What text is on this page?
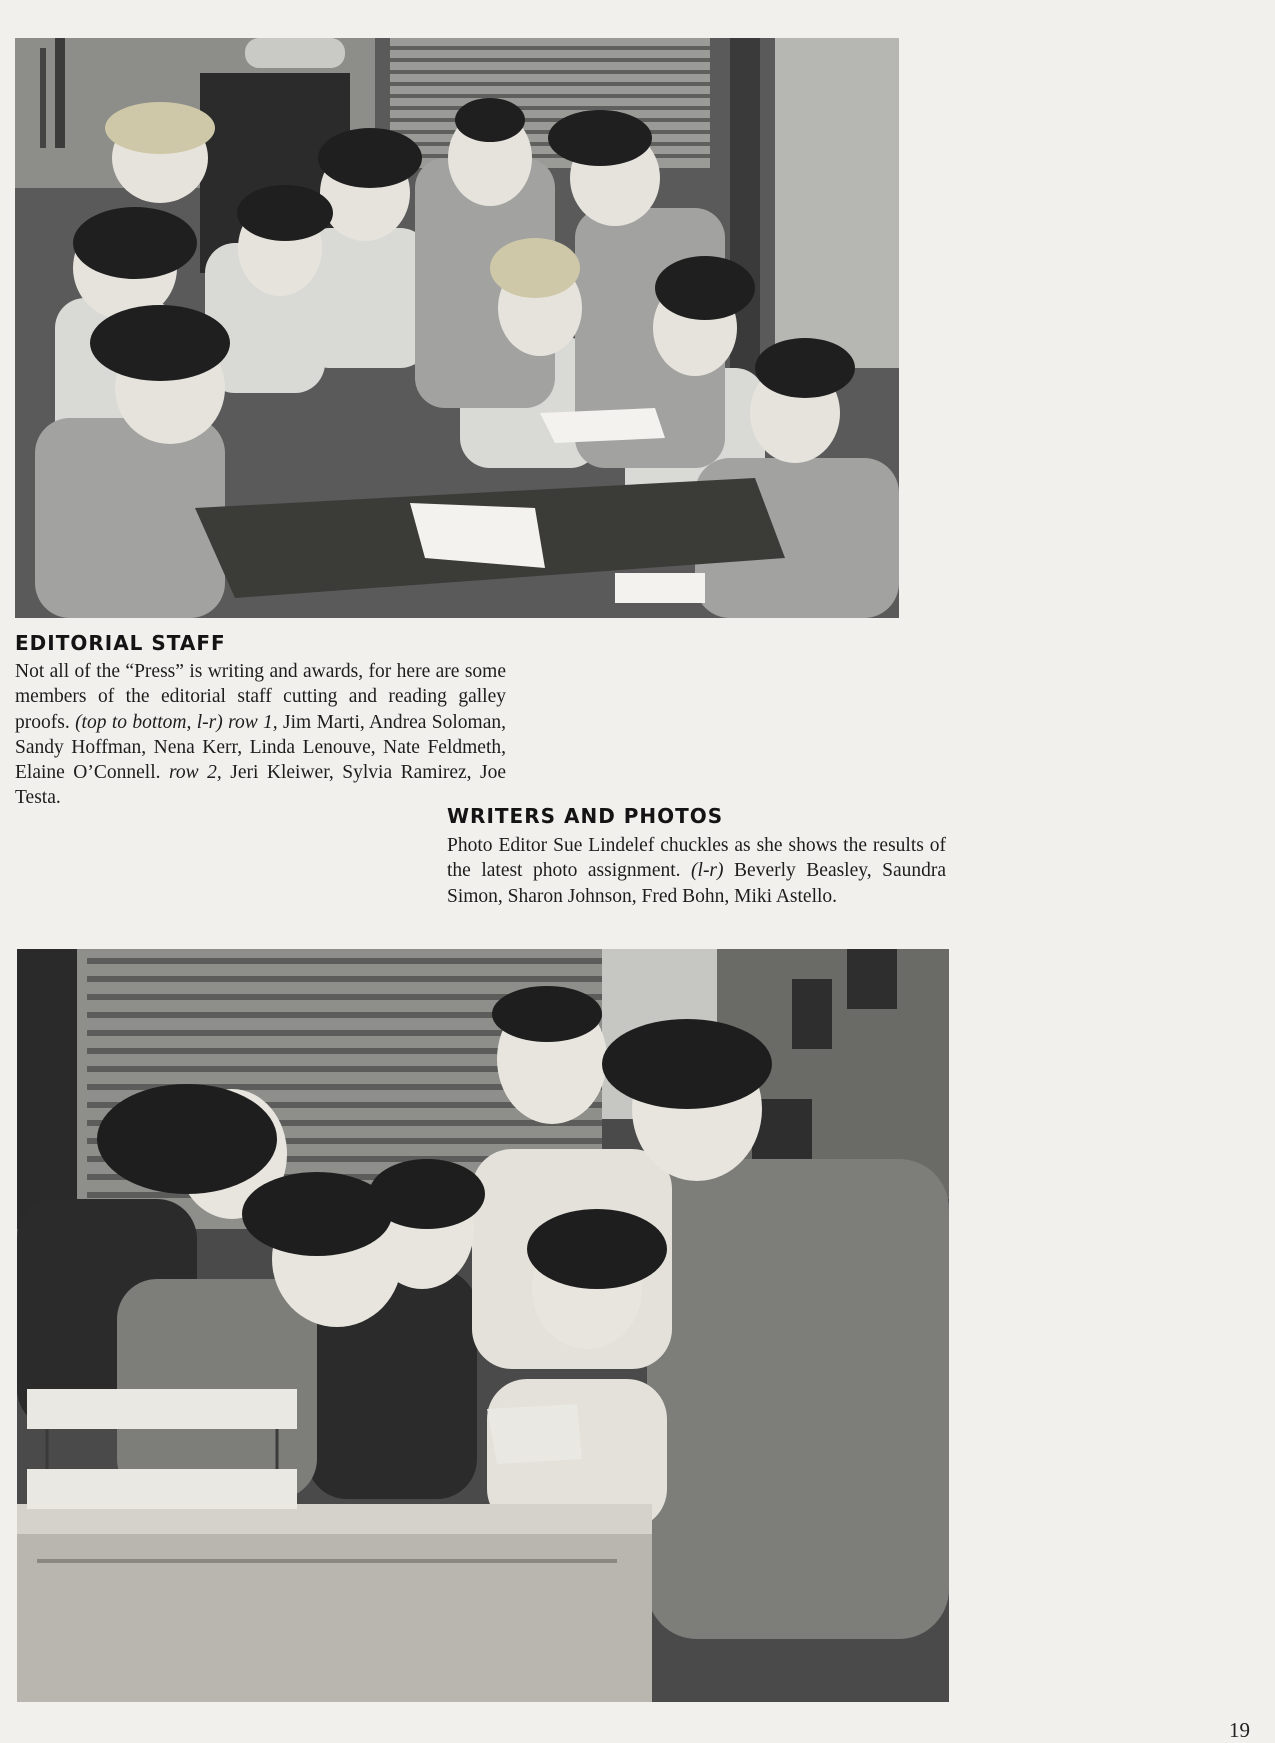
EDITORIAL STAFF

Not all of the “Press” is writing and awards, for here are some members of the editorial staff cutting and reading galley proofs. (top to bottom, l-r) row 1, Jim Marti, Andrea Soloman, Sandy Hoffman, Nena Kerr, Linda Lenouve, Nate Feldmeth, Elaine O’Connell. row 2, Jeri Kleiwer, Sylvia Ramirez, Joe Testa.

WRITERS AND PHOTOS

Photo Editor Sue Lindelef chuckles as she shows the results of the latest photo assignment. (l-r) Beverly Beasley, Saundra Simon, Sharon Johnson, Fred Bohn, Miki Astello.

19
